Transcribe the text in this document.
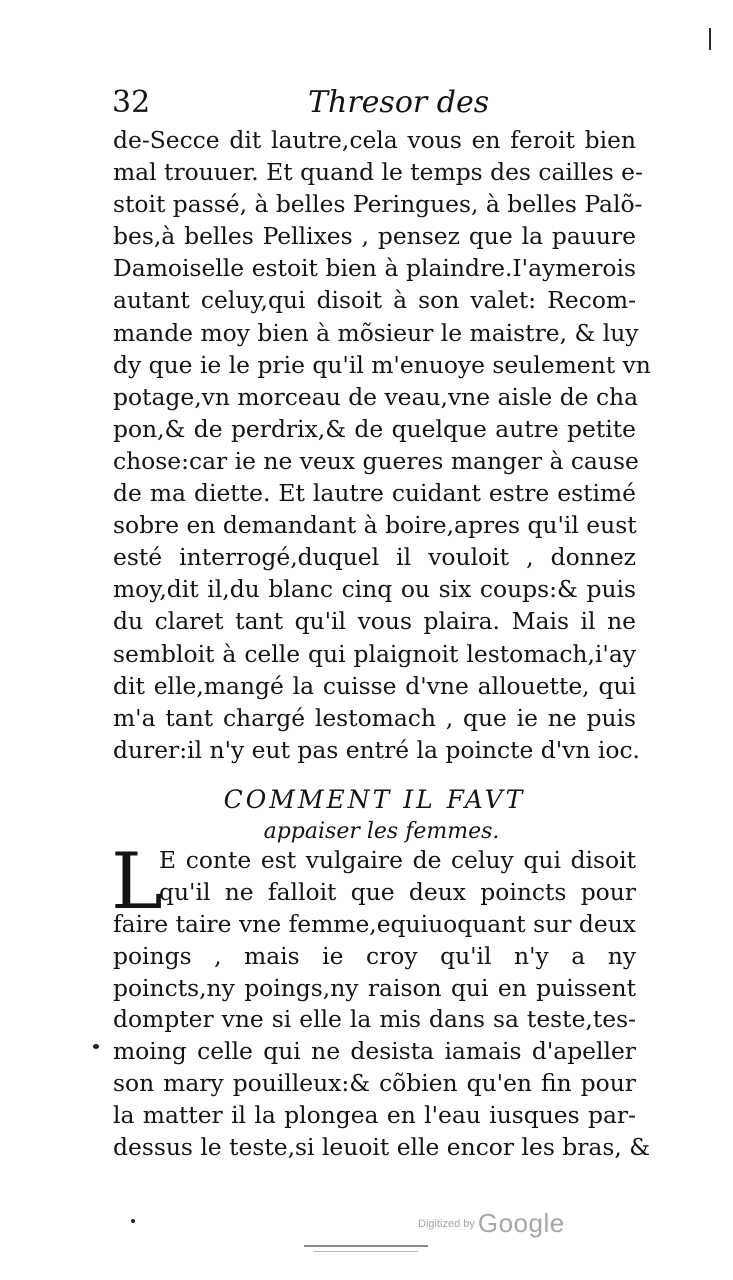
32	Thresor des
de-Secce dit lautre,cela vous en feroit bien
mal trouuer. Et quand le temps des cailles e-
stoit passé, à belles Peringues, à belles Palõ-
bes,à belles Pellixes , pensez que la pauure
Damoiselle estoit bien à plaindre.I'aymerois
autant celuy,qui disoit à son valet: Recom-
mande moy bien à mõsieur le maistre, & luy
dy que ie le prie qu'il m'enuoye seulement vn
potage,vn morceau de veau,vne aisle de cha
pon,& de perdrix,& de quelque autre petite
chose:car ie ne veux gueres manger à cause
de ma diette. Et lautre cuidant estre estimé
sobre en demandant à boire,apres qu'il eust
esté interrogé,duquel il vouloit , donnez
moy,dit il,du blanc cinq ou six coups:& puis
du claret tant qu'il vous plaira. Mais il ne
sembloit à celle qui plaignoit lestomach,i'ay
dit elle,mangé la cuisse d'vne allouette, qui
m'a tant chargé lestomach , que ie ne puis
durer:il n'y eut pas entré la poincte d'vn ioc.
COMMENT IL FAVT
appaiser les femmes.
L
E conte est vulgaire de celuy qui disoit
qu'il ne falloit que deux poincts pour
faire taire vne femme,equiuoquant sur deux
poings , mais ie croy qu'il n'y a ny
poincts,ny poings,ny raison qui en puissent
dompter vne si elle la mis dans sa teste,tes-
moing celle qui ne desista iamais d'apeller
son mary pouilleux:& cõbien qu'en fin pour
la matter il la plongea en l'eau iusques par-
dessus le teste,si leuoit elle encor les bras, &
Digitized by Google
